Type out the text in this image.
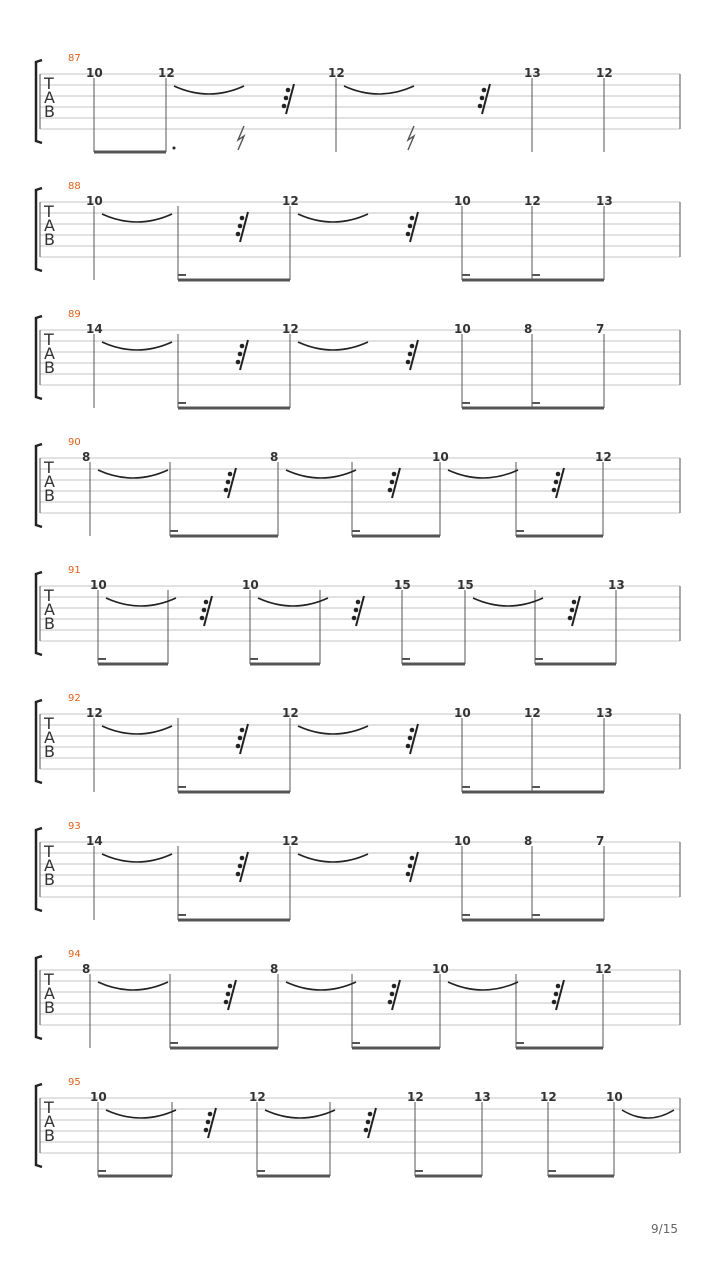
T
A
B
87
10	12	12	13	12
T
A
B
88
10	12	10	12	13
T
A
B
89
14	12	10	8	7
T
A
B
90
8	8	10	12
T
A
B
91
10	10	15	15	13
T
A
B
92
12	12	10	12	13
T
A
B
93
14	12	10	8	7
T
A
B
94
8	8	10	12
T
A
B
95
10	12	12	13	12	10
9/15
